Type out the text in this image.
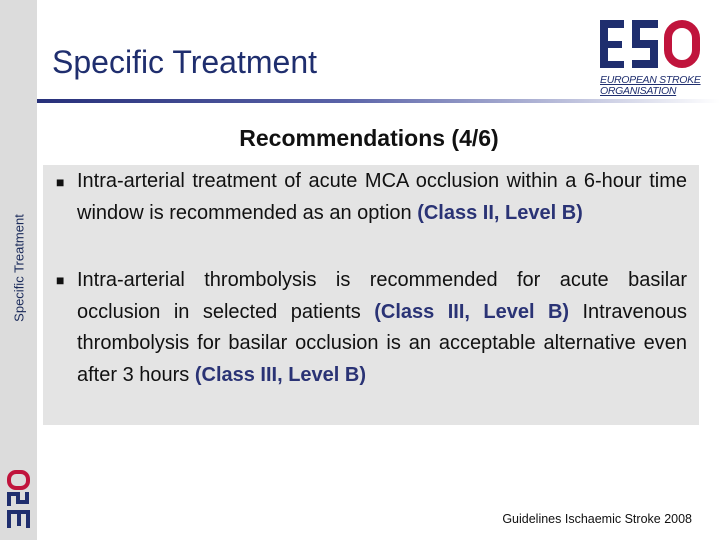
Specific Treatment
Specific Treatment	EUROPEAN STROKE
ORGANISATION
Recommendations (4/6)
■ Intra-arterial treatment of acute MCA occlusion within a 6-hour time window is recommended as an option (Class II, Level B)
■ Intra-arterial thrombolysis is recommended for acute basilar occlusion in selected patients (Class III, Level B) Intravenous thrombolysis for basilar occlusion is an acceptable alternative even after 3 hours (Class III, Level B)
Guidelines Ischaemic Stroke 2008
